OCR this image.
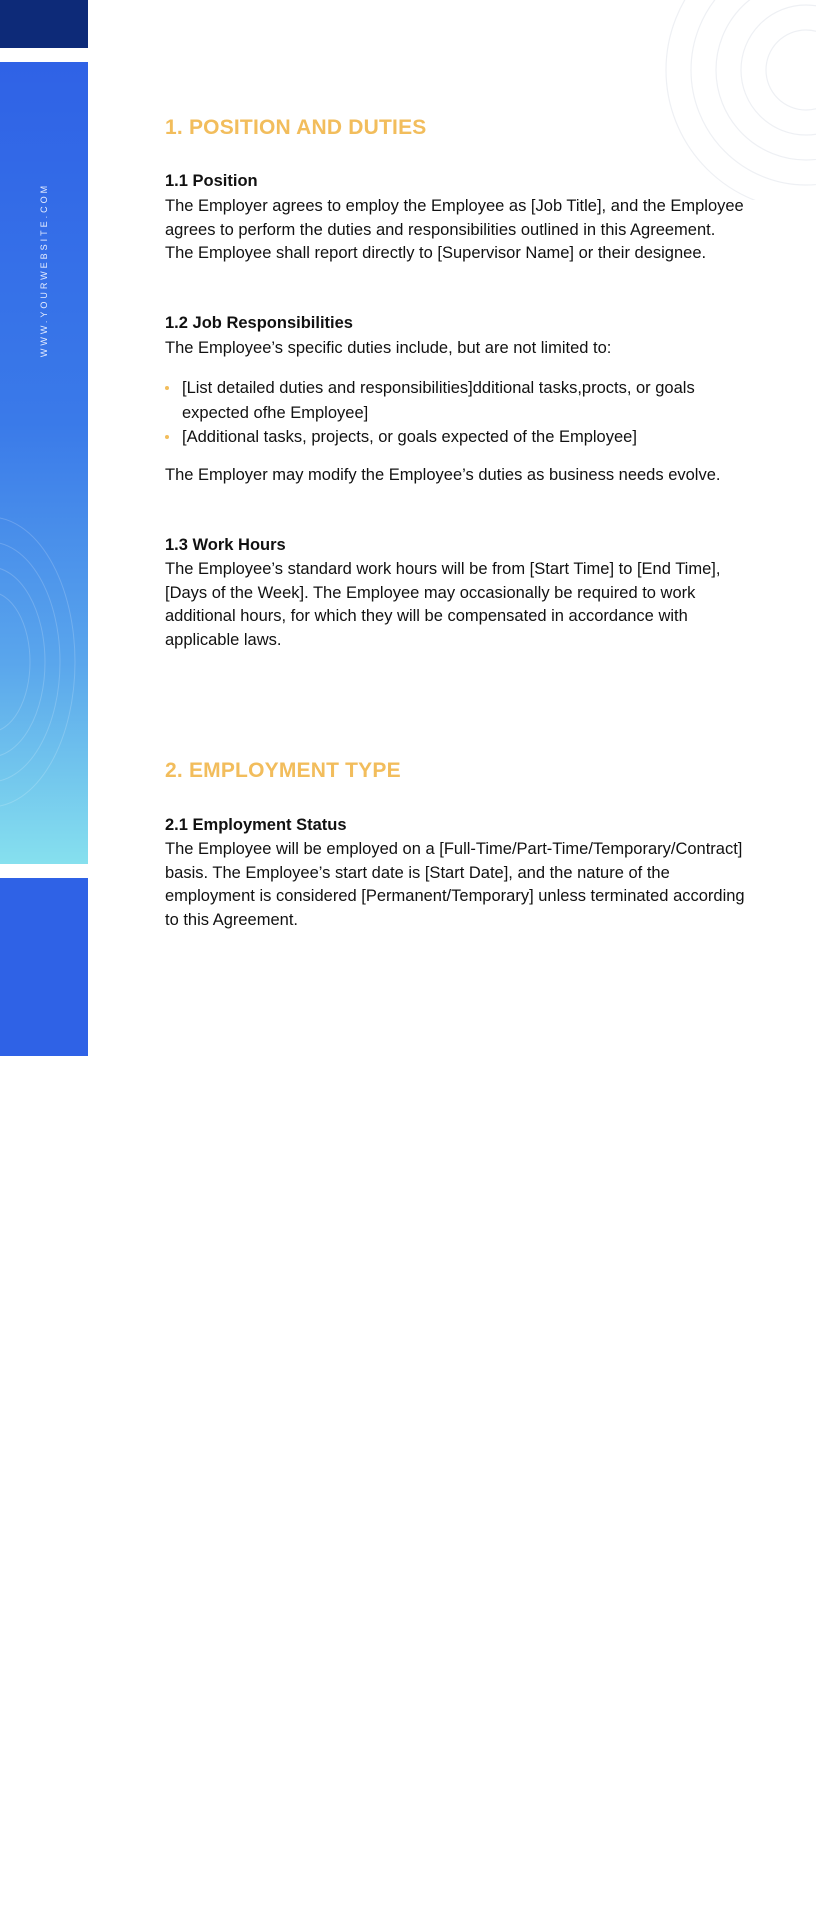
WWW.YOURWEBSITE.COM
Your
●●
LOGO
®
1. POSITION AND DUTIES
1.1 Position
The Employer agrees to employ the Employee as [Job Title], and the Employee agrees to perform the duties and responsibilities outlined in this Agreement. The Employee shall report directly to [Supervisor Name] or their designee.
1.2 Job Responsibilities
The Employee’s specific duties include, but are not limited to:
[List detailed duties and responsibilities]dditional tasks,procts, or goals expected ofhe Employee]
[Additional tasks, projects, or goals expected of the Employee]
The Employer may modify the Employee’s duties as business needs evolve.
1.3 Work Hours
The Employee’s standard work hours will be from [Start Time] to [End Time], [Days of the Week]. The Employee may occasionally be required to work additional hours, for which they will be compensated in accordance with applicable laws.
2. EMPLOYMENT TYPE
2.1 Employment Status
The Employee will be employed on a [Full-Time/Part-Time/Temporary/Contract] basis. The Employee’s start date is [Start Date], and the nature of the employment is considered [Permanent/Temporary] unless terminated according to this Agreement.
